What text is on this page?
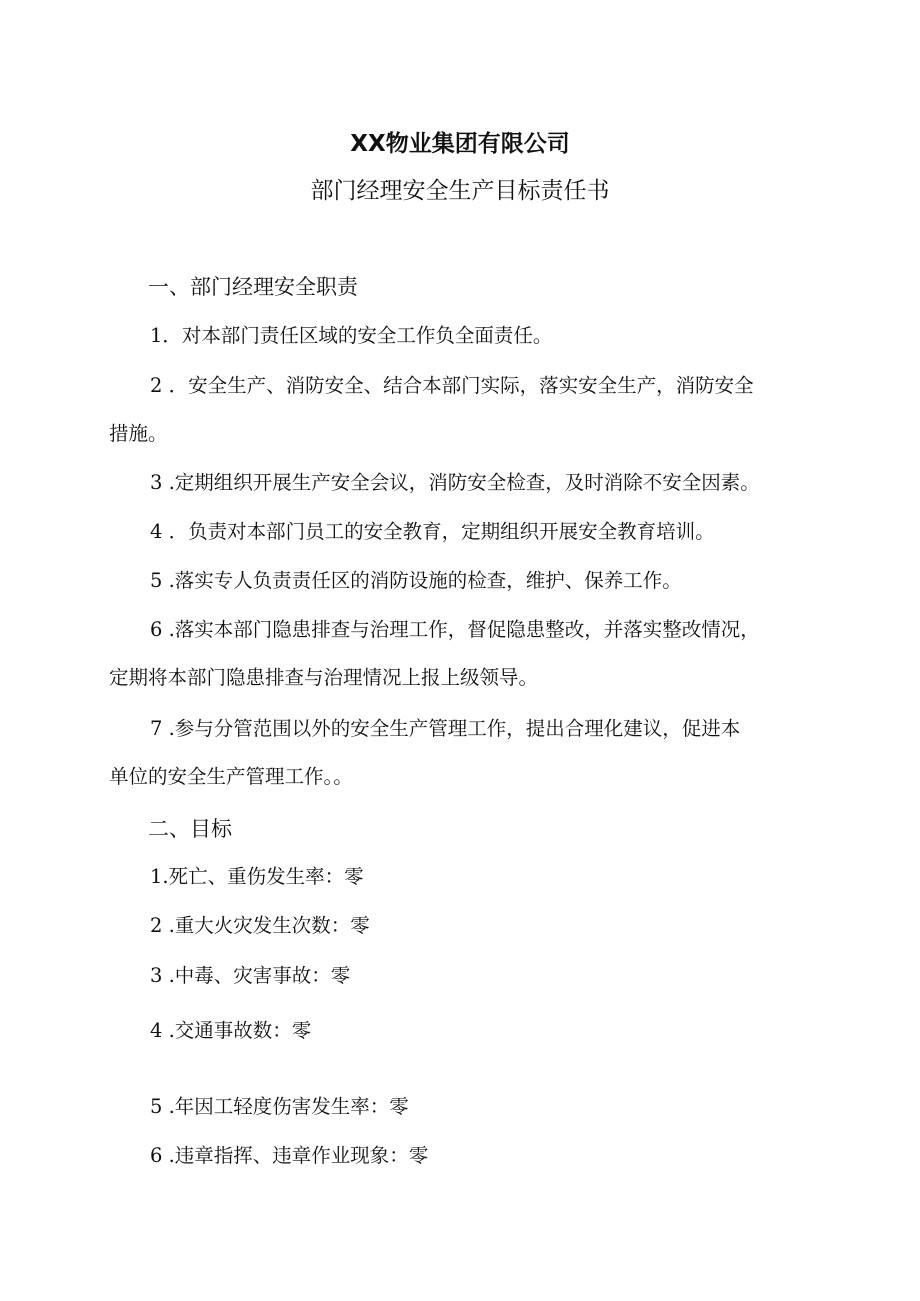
XX物业集团有限公司
部门经理安全生产目标责任书
一、部门经理安全职责
1．对本部门责任区域的安全工作负全面责任。
2 ．安全生产、消防安全、结合本部门实际，落实安全生产，消防安全
措施。
3 .定期组织开展生产安全会议，消防安全检查，及时消除不安全因素。
4 ．负责对本部门员工的安全教育，定期组织开展安全教育培训。
5 .落实专人负责责任区的消防设施的检查，维护、保养工作。
6 .落实本部门隐患排查与治理工作，督促隐患整改，并落实整改情况，
定期将本部门隐患排查与治理情况上报上级领导。
7 .参与分管范围以外的安全生产管理工作，提出合理化建议，促进本
单位的安全生产管理工作。。
二、目标
1.死亡、重伤发生率：零
2 .重大火灾发生次数：零
3 .中毒、灾害事故：零
4 .交通事故数：零
5 .年因工轻度伤害发生率：零
6 .违章指挥、违章作业现象：零
